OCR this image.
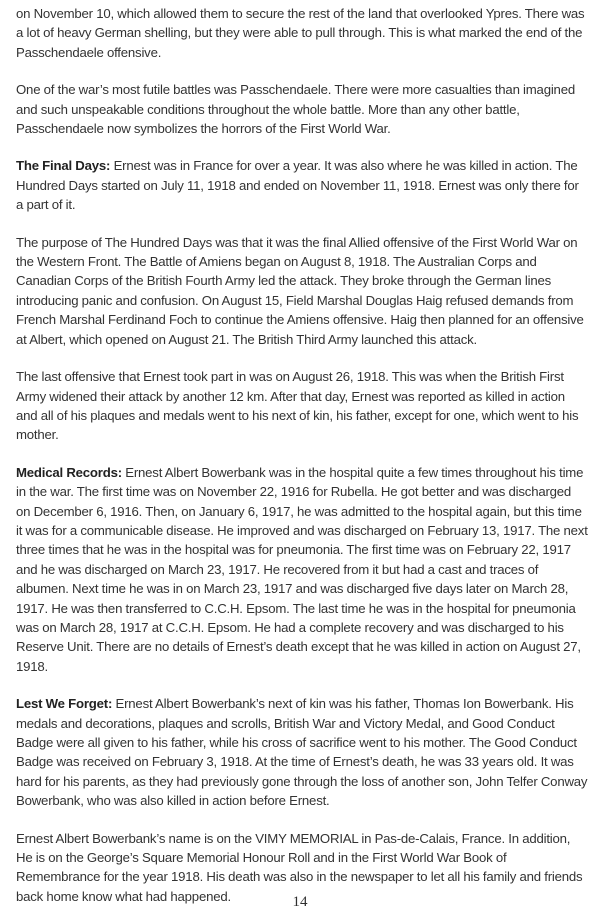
on November 10, which allowed them to secure the rest of the land that overlooked Ypres. There was a lot of heavy German shelling, but they were able to pull through. This is what marked the end of the Passchendaele offensive.

One of the war’s most futile battles was Passchendaele. There were more casualties than imagined and such unspeakable conditions throughout the whole battle. More than any other battle, Passchendaele now symbolizes the horrors of the First World War.

The Final Days: Ernest was in France for over a year. It was also where he was killed in action. The Hundred Days started on July 11, 1918 and ended on November 11, 1918. Ernest was only there for a part of it.

The purpose of The Hundred Days was that it was the final Allied offensive of the First World War on the Western Front. The Battle of Amiens began on August 8, 1918. The Australian Corps and Canadian Corps of the British Fourth Army led the attack. They broke through the German lines introducing panic and confusion. On August 15, Field Marshal Douglas Haig refused demands from French Marshal Ferdinand Foch to continue the Amiens offensive. Haig then planned for an offensive at Albert, which opened on August 21. The British Third Army launched this attack.

The last offensive that Ernest took part in was on August 26, 1918. This was when the British First Army widened their attack by another 12 km. After that day, Ernest was reported as killed in action and all of his plaques and medals went to his next of kin, his father, except for one, which went to his mother.

Medical Records: Ernest Albert Bowerbank was in the hospital quite a few times throughout his time in the war. The first time was on November 22, 1916 for Rubella. He got better and was discharged on December 6, 1916. Then, on January 6, 1917, he was admitted to the hospital again, but this time it was for a communicable disease. He improved and was discharged on February 13, 1917. The next three times that he was in the hospital was for pneumonia. The first time was on February 22, 1917 and he was discharged on March 23, 1917. He recovered from it but had a cast and traces of albumen. Next time he was in on March 23, 1917 and was discharged five days later on March 28, 1917. He was then transferred to C.C.H. Epsom. The last time he was in the hospital for pneumonia was on March 28, 1917 at C.C.H. Epsom. He had a complete recovery and was discharged to his Reserve Unit. There are no details of Ernest’s death except that he was killed in action on August 27, 1918.

Lest We Forget: Ernest Albert Bowerbank’s next of kin was his father, Thomas Ion Bowerbank. His medals and decorations, plaques and scrolls, British War and Victory Medal, and Good Conduct Badge were all given to his father, while his cross of sacrifice went to his mother. The Good Conduct Badge was received on February 3, 1918. At the time of Ernest’s death, he was 33 years old. It was hard for his parents, as they had previously gone through the loss of another son, John Telfer Conway Bowerbank, who was also killed in action before Ernest.

Ernest Albert Bowerbank’s name is on the VIMY MEMORIAL in Pas-de-Calais, France. In addition, He is on the George’s Square Memorial Honour Roll and in the First World War Book of Remembrance for the year 1918. His death was also in the newspaper to let all his family and friends back home know what had happened.	14
